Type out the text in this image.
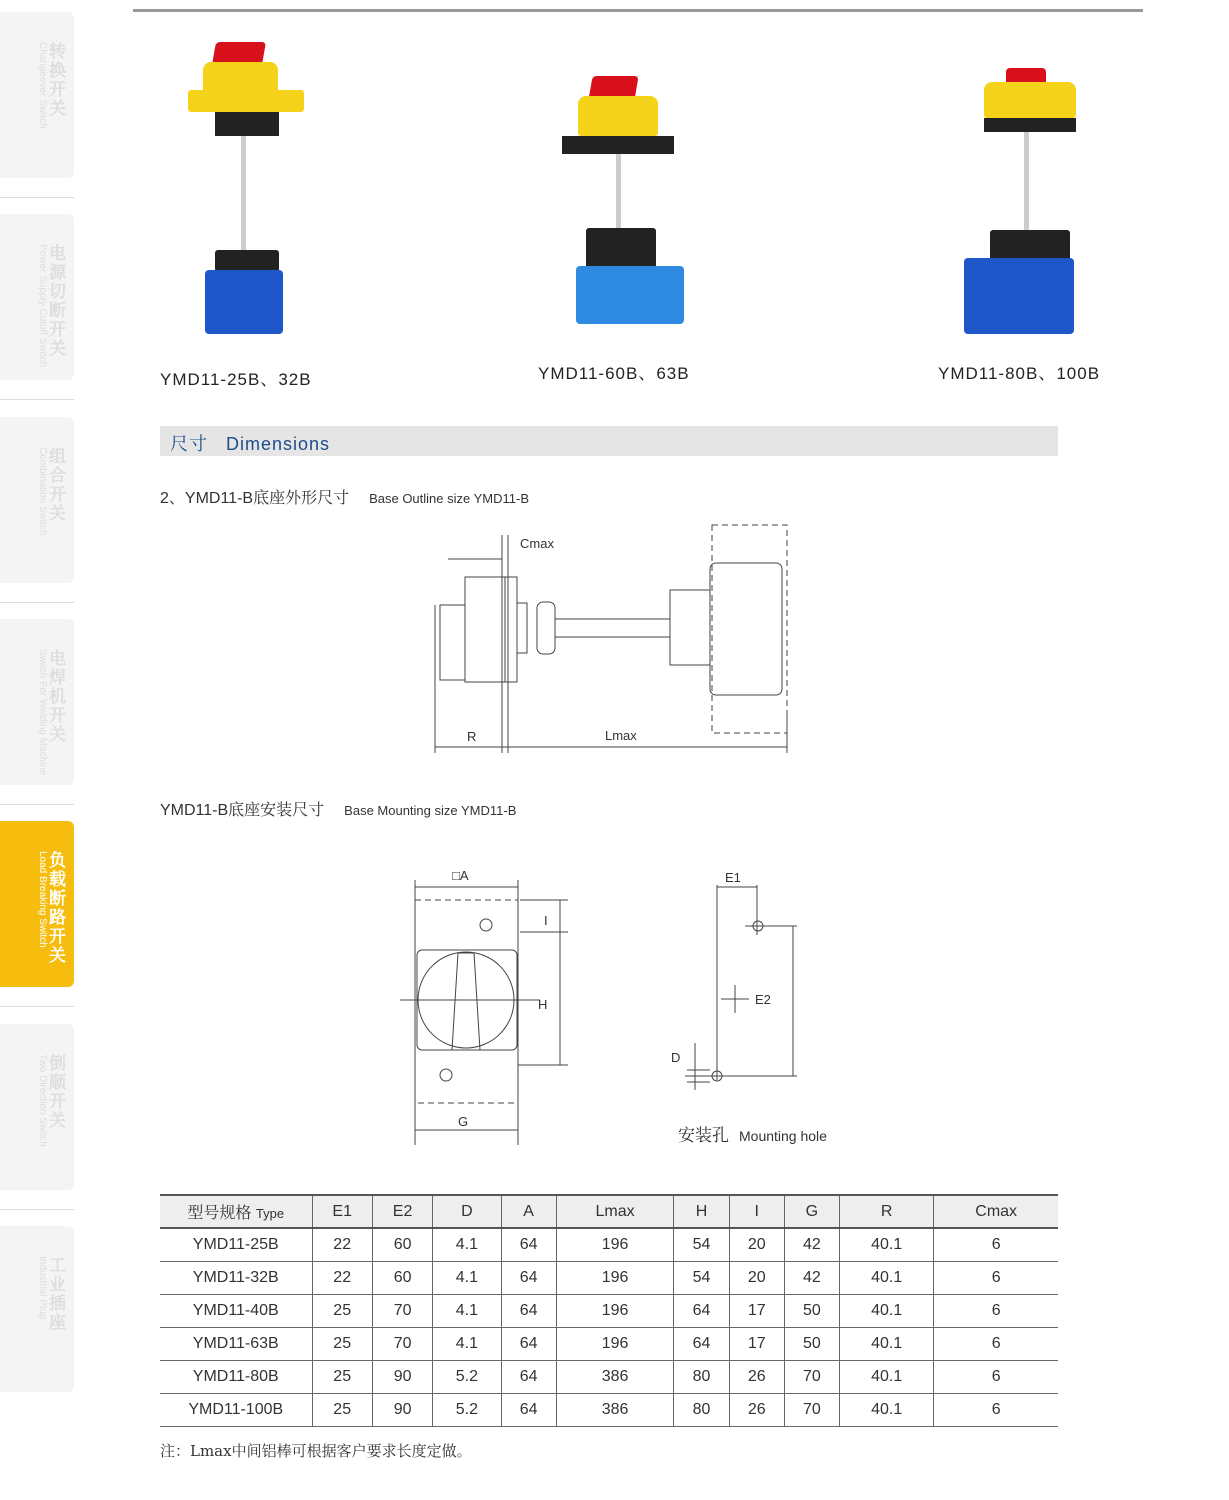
转换开关
Changeover Switch
电源切断开关
Power Supply Cutoff Switch
组合开关
Combination Switch
电焊机开关
Switch For Welding Machine
负载断路开关
Load Breaking Switch
倒顺开关
Two Direction Switch
工业插座
Industrial Plug
YMD11-25B、32B	YMD11-60B、63B	YMD11-80B、100B
尺寸 Dimensions
2、YMD11-B底座外形尺寸 Base Outline size YMD11-B
Cmax
R	Lmax
YMD11-B底座安装尺寸 Base Mounting size YMD11-B
□A
I
H
G
E1
E2
D
安装孔 Mounting hole
型号规格 Type	E1	E2	D	A	Lmax	H	I	G	R	Cmax
YMD11-25B	22	60	4.1	64	196	54	20	42	40.1	6
YMD11-32B	22	60	4.1	64	196	54	20	42	40.1	6
YMD11-40B	25	70	4.1	64	196	64	17	50	40.1	6
YMD11-63B	25	70	4.1	64	196	64	17	50	40.1	6
YMD11-80B	25	90	5.2	64	386	80	26	70	40.1	6
YMD11-100B	25	90	5.2	64	386	80	26	70	40.1	6
注：Lmax中间铝棒可根据客户要求长度定做。
